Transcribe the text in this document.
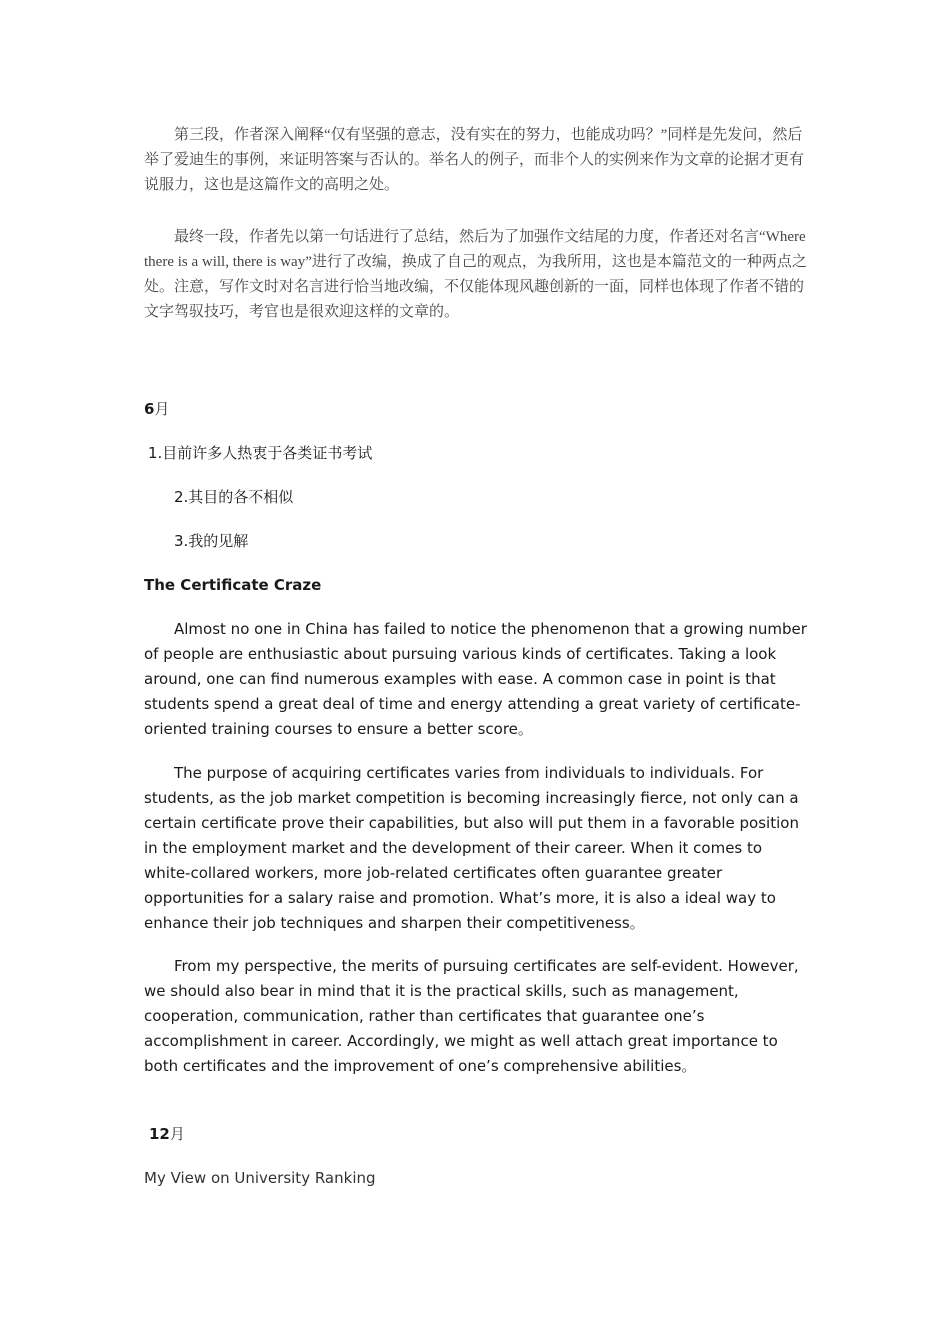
第三段，作者深入阐释“仅有坚强的意志，没有实在的努力，也能成功吗？”同样是先发问，然后举了爱迪生的事例，来证明答案与否认的。举名人的例子，而非个人的实例来作为文章的论据才更有说服力，这也是这篇作文的高明之处。

最终一段，作者先以第一句话进行了总结，然后为了加强作文结尾的力度，作者还对名言“Where there is a will, there is way”进行了改编，换成了自己的观点，为我所用，这也是本篇范文的一种两点之处。注意，写作文时对名言进行恰当地改编，不仅能体现风趣创新的一面，同样也体现了作者不错的文字驾驭技巧，考官也是很欢迎这样的文章的。

6月
1.目前许多人热衷于各类证书考试
2.其目的各不相似
3.我的见解
The Certificate Craze

Almost no one in China has failed to notice the phenomenon that a growing number of people are enthusiastic about pursuing various kinds of certificates. Taking a look around, one can find numerous examples with ease. A common case in point is that students spend a great deal of time and energy attending a great variety of certificate-oriented training courses to ensure a better score。

The purpose of acquiring certificates varies from individuals to individuals. For students, as the job market competition is becoming increasingly fierce, not only can a certain certificate prove their capabilities, but also will put them in a favorable position in the employment market and the development of their career. When it comes to white-collared workers, more job-related certificates often guarantee greater opportunities for a salary raise and promotion. What’s more, it is also a ideal way to enhance their job techniques and sharpen their competitiveness。

From my perspective, the merits of pursuing certificates are self-evident. However, we should also bear in mind that it is the practical skills, such as management, cooperation, communication, rather than certificates that guarantee one’s accomplishment in career. Accordingly, we might as well attach great importance to both certificates and the improvement of one’s comprehensive abilities。

12月
My View on University Ranking
